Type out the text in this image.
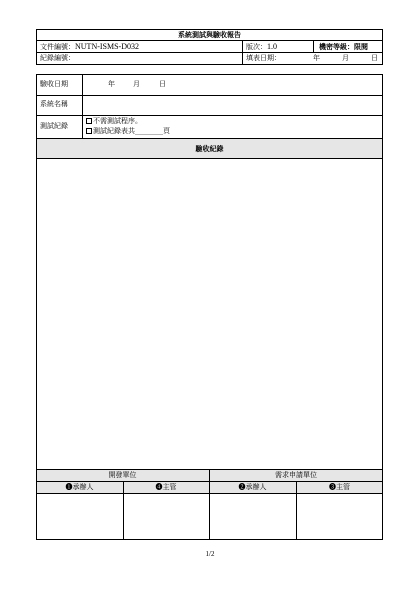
系統測試與驗收報告
文件編號：NUTN-ISMS-D032	版次：1.0	機密等級：限閱
紀錄編號：	填表日期：	年	月	日
驗收日期	年	月	日
系統名稱
測試紀錄
不需測試程序。
測試紀錄表共________頁
驗收紀錄
開發單位	需求申請單位
❶承辦人	❹主管	❷承辦人	❸主管
1/2
